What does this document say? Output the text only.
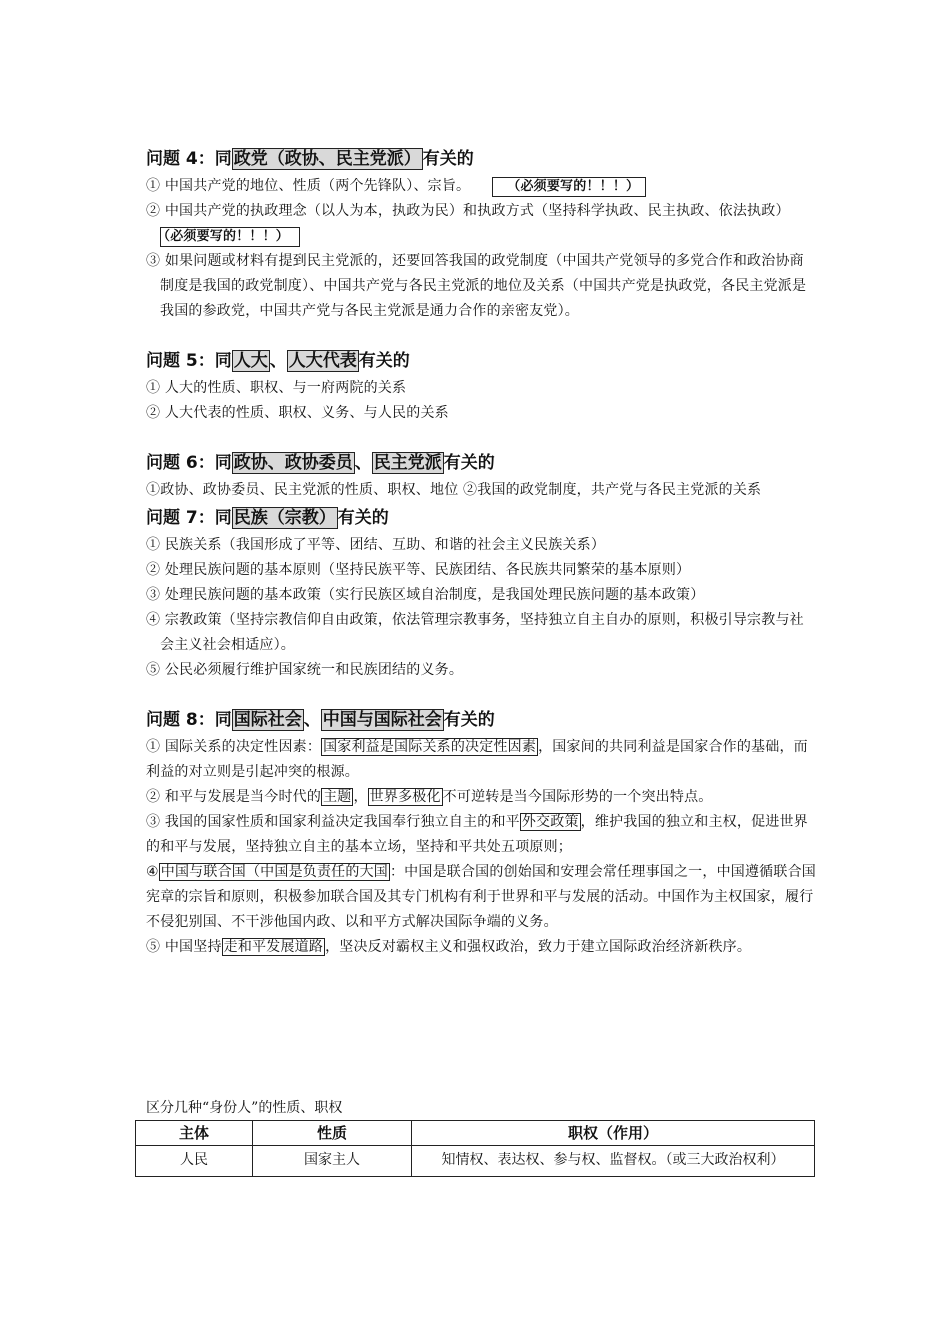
问题 4：同 政党（政协、民主党派） 有关的

① 中国共产党的地位、性质（两个先锋队）、宗旨。	（必须要写的！！！）

② 中国共产党的执政理念（以人为本，执政为民）和执政方式（坚持科学执政、民主执政、依法执政）（必须要写的！！！）

③ 如果问题或材料有提到民主党派的，还要回答我国的政党制度（中国共产党领导的多党合作和政治协商制度是我国的政党制度）、中国共产党与各民主党派的地位及关系（中国共产党是执政党，各民主党派是我国的参政党，中国共产党与各民主党派是通力合作的亲密友党）。

问题 5：同 人大 、 人大代表 有关的

① 人大的性质、职权、与一府两院的关系

② 人大代表的性质、职权、义务、与人民的关系

问题 6：同 政协、政协委员 、 民主党派 有关的

①政协、政协委员、民主党派的性质、职权、地位 ②我国的政党制度，共产党与各民主党派的关系

问题 7：同 民族（宗教） 有关的

① 民族关系（我国形成了平等、团结、互助、和谐的社会主义民族关系）

② 处理民族问题的基本原则（坚持民族平等、民族团结、各民族共同繁荣的基本原则）

③ 处理民族问题的基本政策（实行民族区域自治制度，是我国处理民族问题的基本政策）

④ 宗教政策（坚持宗教信仰自由政策，依法管理宗教事务，坚持独立自主自办的原则，积极引导宗教与社会主义社会相适应）。

⑤ 公民必须履行维护国家统一和民族团结的义务。

问题 8：同 国际社会 、 中国与国际社会 有关的

① 国际关系的决定性因素： 国家利益是国际关系的决定性因素 ，国家间的共同利益是国家合作的基础，而利益的对立则是引起冲突的根源。

② 和平与发展是当今时代的 主题 ， 世界多极化 不可逆转是当今国际形势的一个突出特点。

③ 我国的国家性质和国家利益决定我国奉行独立自主的和平 外交政策 ，维护我国的独立和主权，促进世界的和平与发展，坚持独立自主的基本立场，坚持和平共处五项原则；

④ 中国与联合国（中国是负责任的大国 ：中国是联合国的创始国和安理会常任理事国之一，中国遵循联合国宪章的宗旨和原则，积极参加联合国及其专门机构有利于世界和平与发展的活动。中国作为主权国家，履行不侵犯别国、不干涉他国内政、以和平方式解决国际争端的义务。

⑤ 中国坚持 走和平发展道路 ，坚决反对霸权主义和强权政治，致力于建立国际政治经济新秩序。

区分几种“身份人”的性质、职权
主体	性质	职权（作用）
人民	国家主人	知情权、表达权、参与权、监督权。（或三大政治权利）
